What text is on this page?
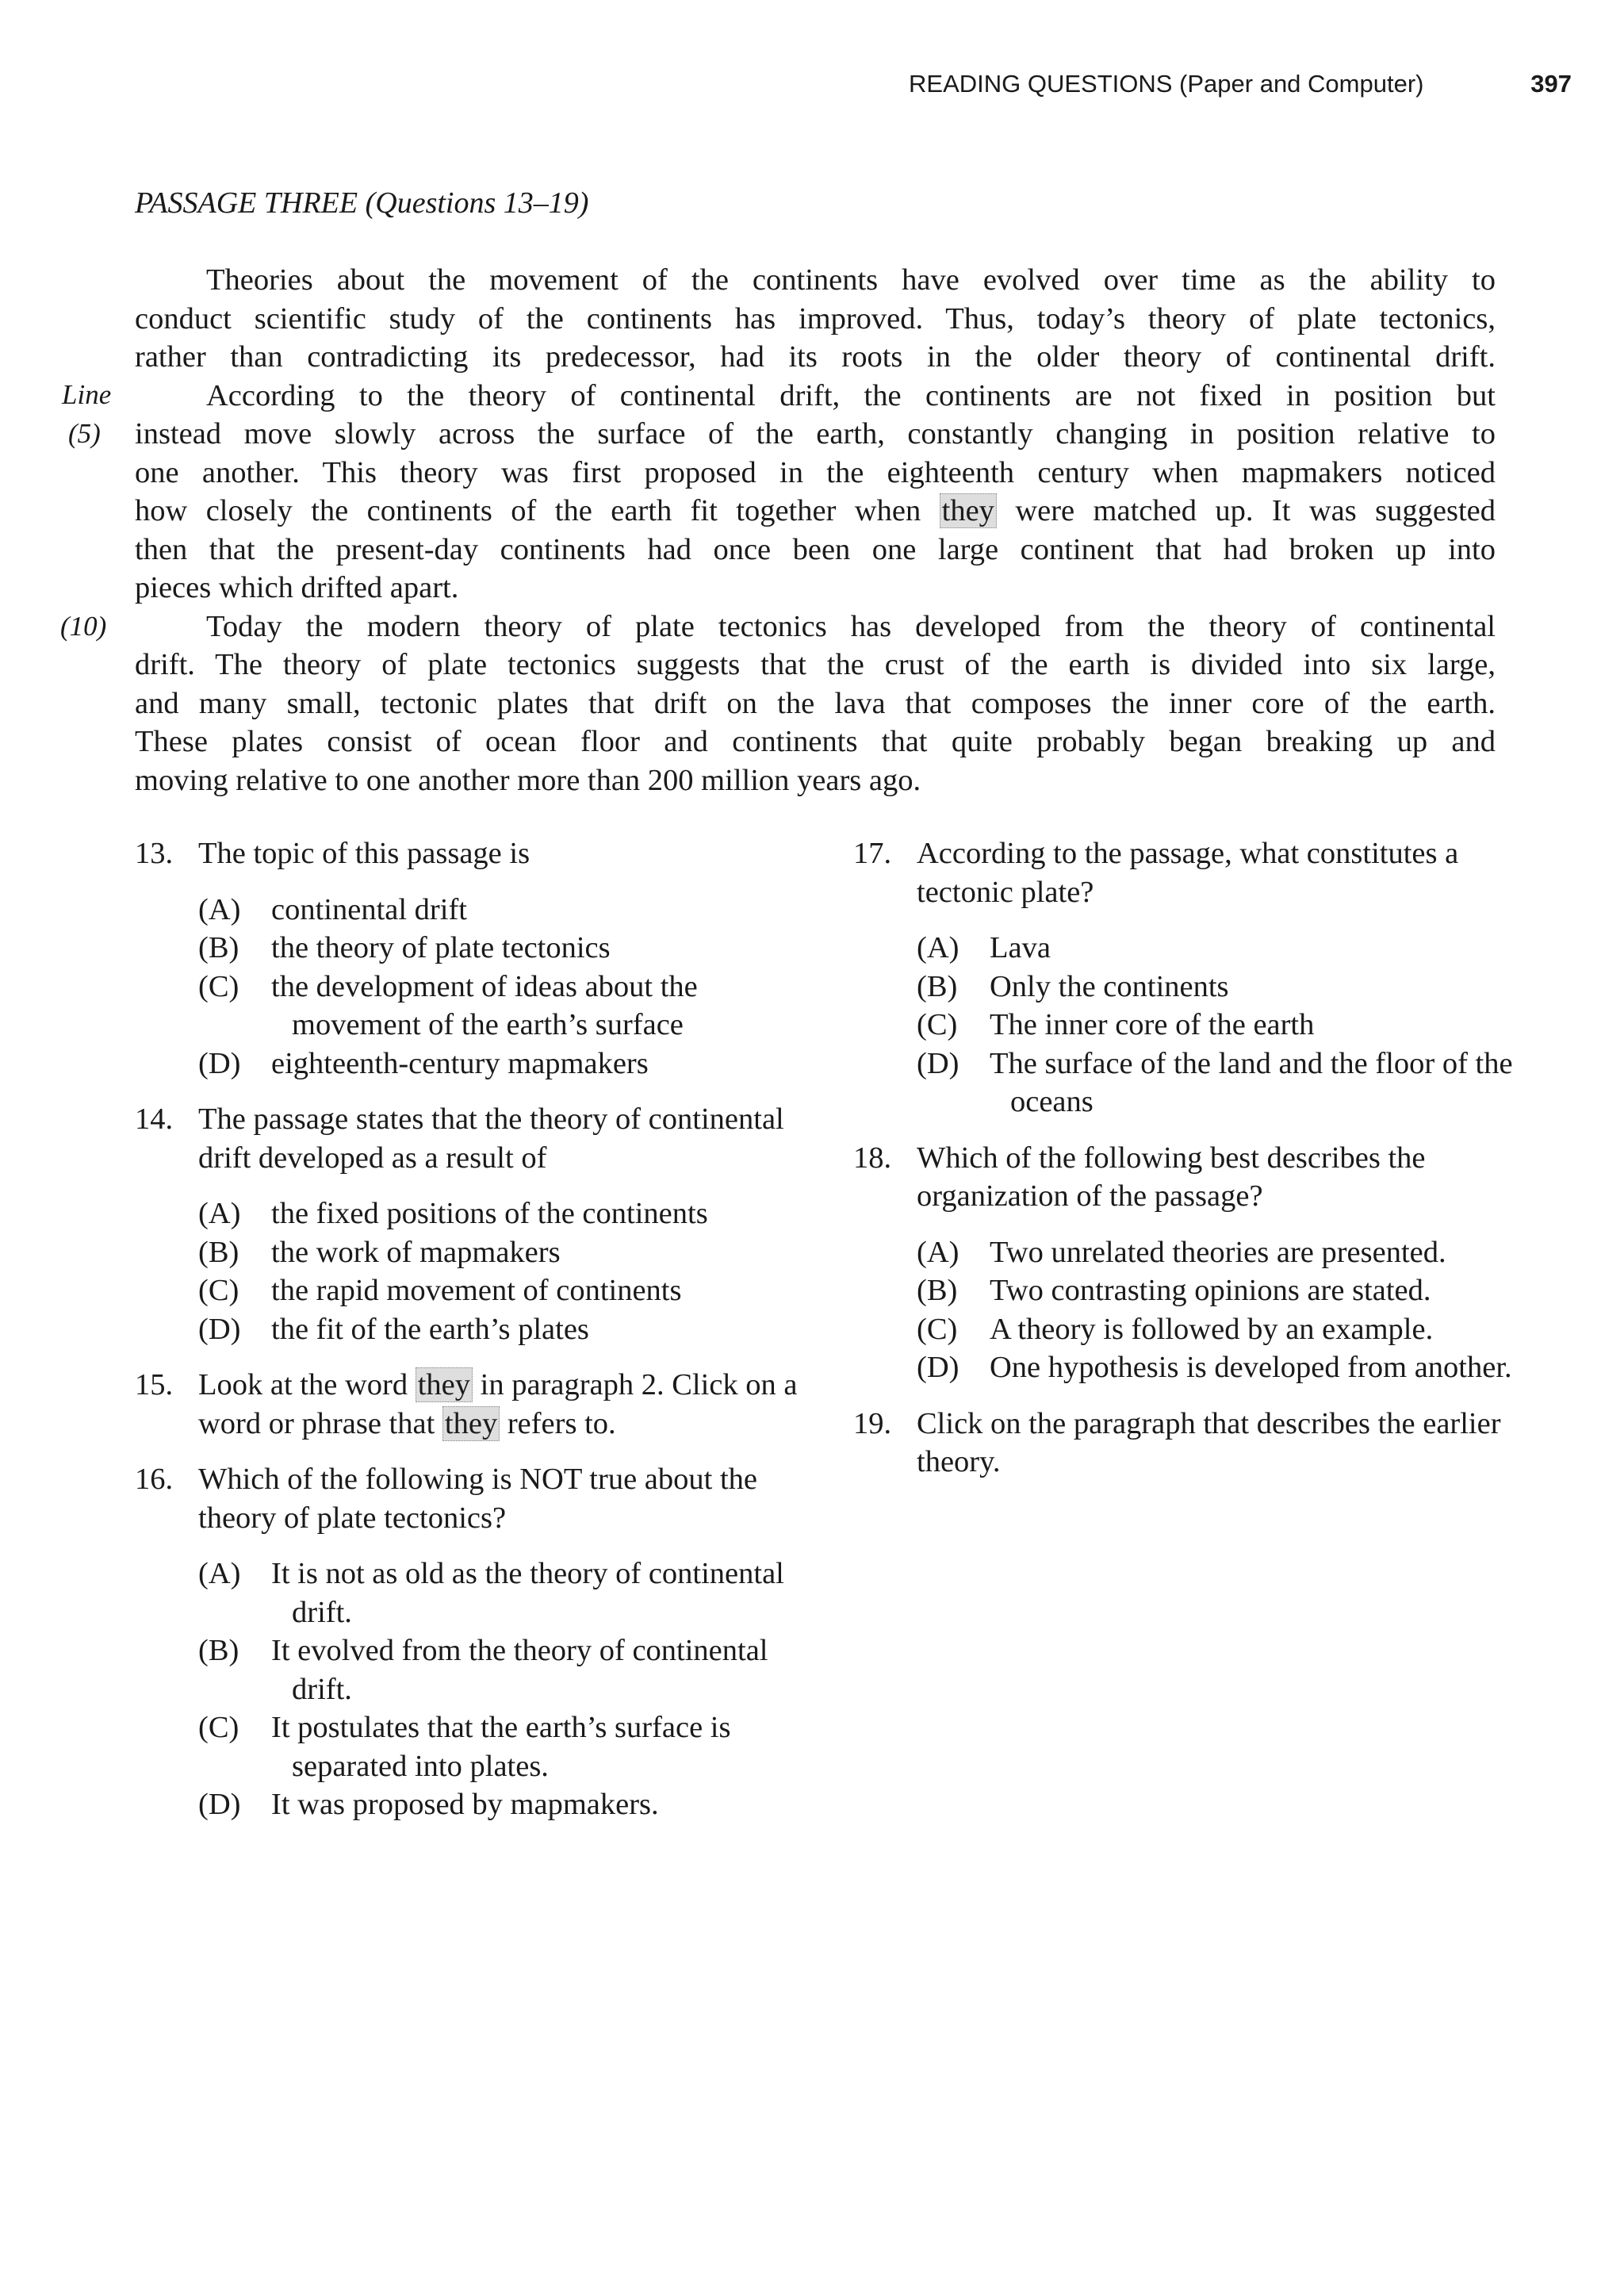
READING QUESTIONS (Paper and Computer)	397
PASSAGE THREE (Questions 13–19)
Line
(5)
(10)
Theories about the movement of the continents have evolved over time as the ability to
conduct scientific study of the continents has improved. Thus, today’s theory of plate tectonics,
rather than contradicting its predecessor, had its roots in the older theory of continental drift.
According to the theory of continental drift, the continents are not fixed in position but
instead move slowly across the surface of the earth, constantly changing in position relative to
one another. This theory was first proposed in the eighteenth century when mapmakers noticed
how closely the continents of the earth fit together when they were matched up. It was suggested
then that the present-day continents had once been one large continent that had broken up into
pieces which drifted apart.
Today the modern theory of plate tectonics has developed from the theory of continental
drift. The theory of plate tectonics suggests that the crust of the earth is divided into six large,
and many small, tectonic plates that drift on the lava that composes the inner core of the earth.
These plates consist of ocean floor and continents that quite probably began breaking up and
moving relative to one another more than 200 million years ago.
13. The topic of this passage is
(A) continental drift
(B) the theory of plate tectonics
(C) the development of ideas about the movement of the earth’s surface
(D) eighteenth-century mapmakers
14. The passage states that the theory of continental drift developed as a result of
(A) the fixed positions of the continents
(B) the work of mapmakers
(C) the rapid movement of continents
(D) the fit of the earth’s plates
15. Look at the word they in paragraph 2. Click on a word or phrase that they refers to.
16. Which of the following is NOT true about the theory of plate tectonics?
(A) It is not as old as the theory of continental drift.
(B) It evolved from the theory of continental drift.
(C) It postulates that the earth’s surface is separated into plates.
(D) It was proposed by mapmakers.
17. According to the passage, what constitutes a tectonic plate?
(A) Lava
(B) Only the continents
(C) The inner core of the earth
(D) The surface of the land and the floor of the oceans
18. Which of the following best describes the organization of the passage?
(A) Two unrelated theories are presented.
(B) Two contrasting opinions are stated.
(C) A theory is followed by an example.
(D) One hypothesis is developed from another.
19. Click on the paragraph that describes the earlier theory.
